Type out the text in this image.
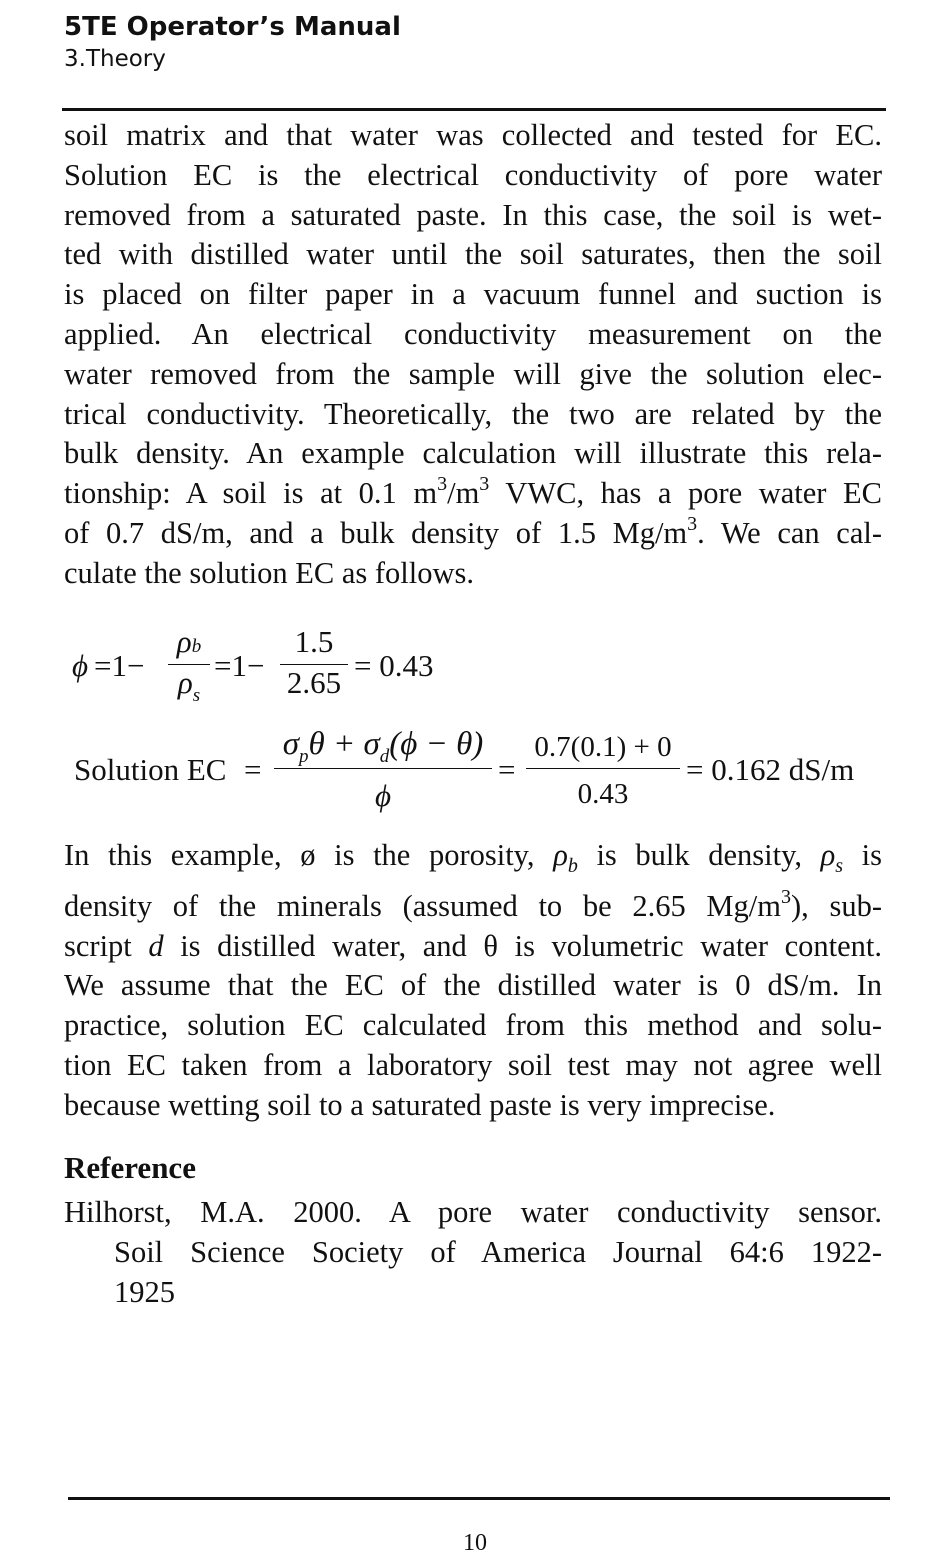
5TE Operator’s Manual
3.Theory
soil matrix and that water was collected and tested for EC.
Solution EC is the electrical conductivity of pore water
removed from a saturated paste. In this case, the soil is wet-
ted with distilled water until the soil saturates, then the soil
is placed on filter paper in a vacuum funnel and suction is
applied. An electrical conductivity measurement on the
water removed from the sample will give the solution elec-
trical conductivity. Theoretically, the two are related by the
bulk density. An example calculation will illustrate this rela-
tionship: A soil is at 0.1 $m^3/m^3$ VWC, has a pore water EC
of 0.7 dS/m, and a bulk density of 1.5 $Mg/m^3$. We can cal-
culate the solution EC as follows.
ϕ =1−
ρb
$\rho_s$
=1−
1.5
2.65 = 0.43
Solution EC =
$\sigma_p\theta + \sigma_d(\phi - \theta)$
ϕ
=
0.7(0.1) + 0
0.43
= 0.162 dS/m
In this example, ø is the porosity, $\rho_b$ is bulk density, $\rho_s$ is
density of the minerals (assumed to be 2.65 $Mg/m^3$), sub-
script d is distilled water, and θ is volumetric water content.
We assume that the EC of the distilled water is 0 dS/m. In
practice, solution EC calculated from this method and solu-
tion EC taken from a laboratory soil test may not agree well
because wetting soil to a saturated paste is very imprecise.
Reference
Hilhorst, M.A. 2000. A pore water conductivity sensor.
Soil Science Society of America Journal 64:6 1922-
1925
10
